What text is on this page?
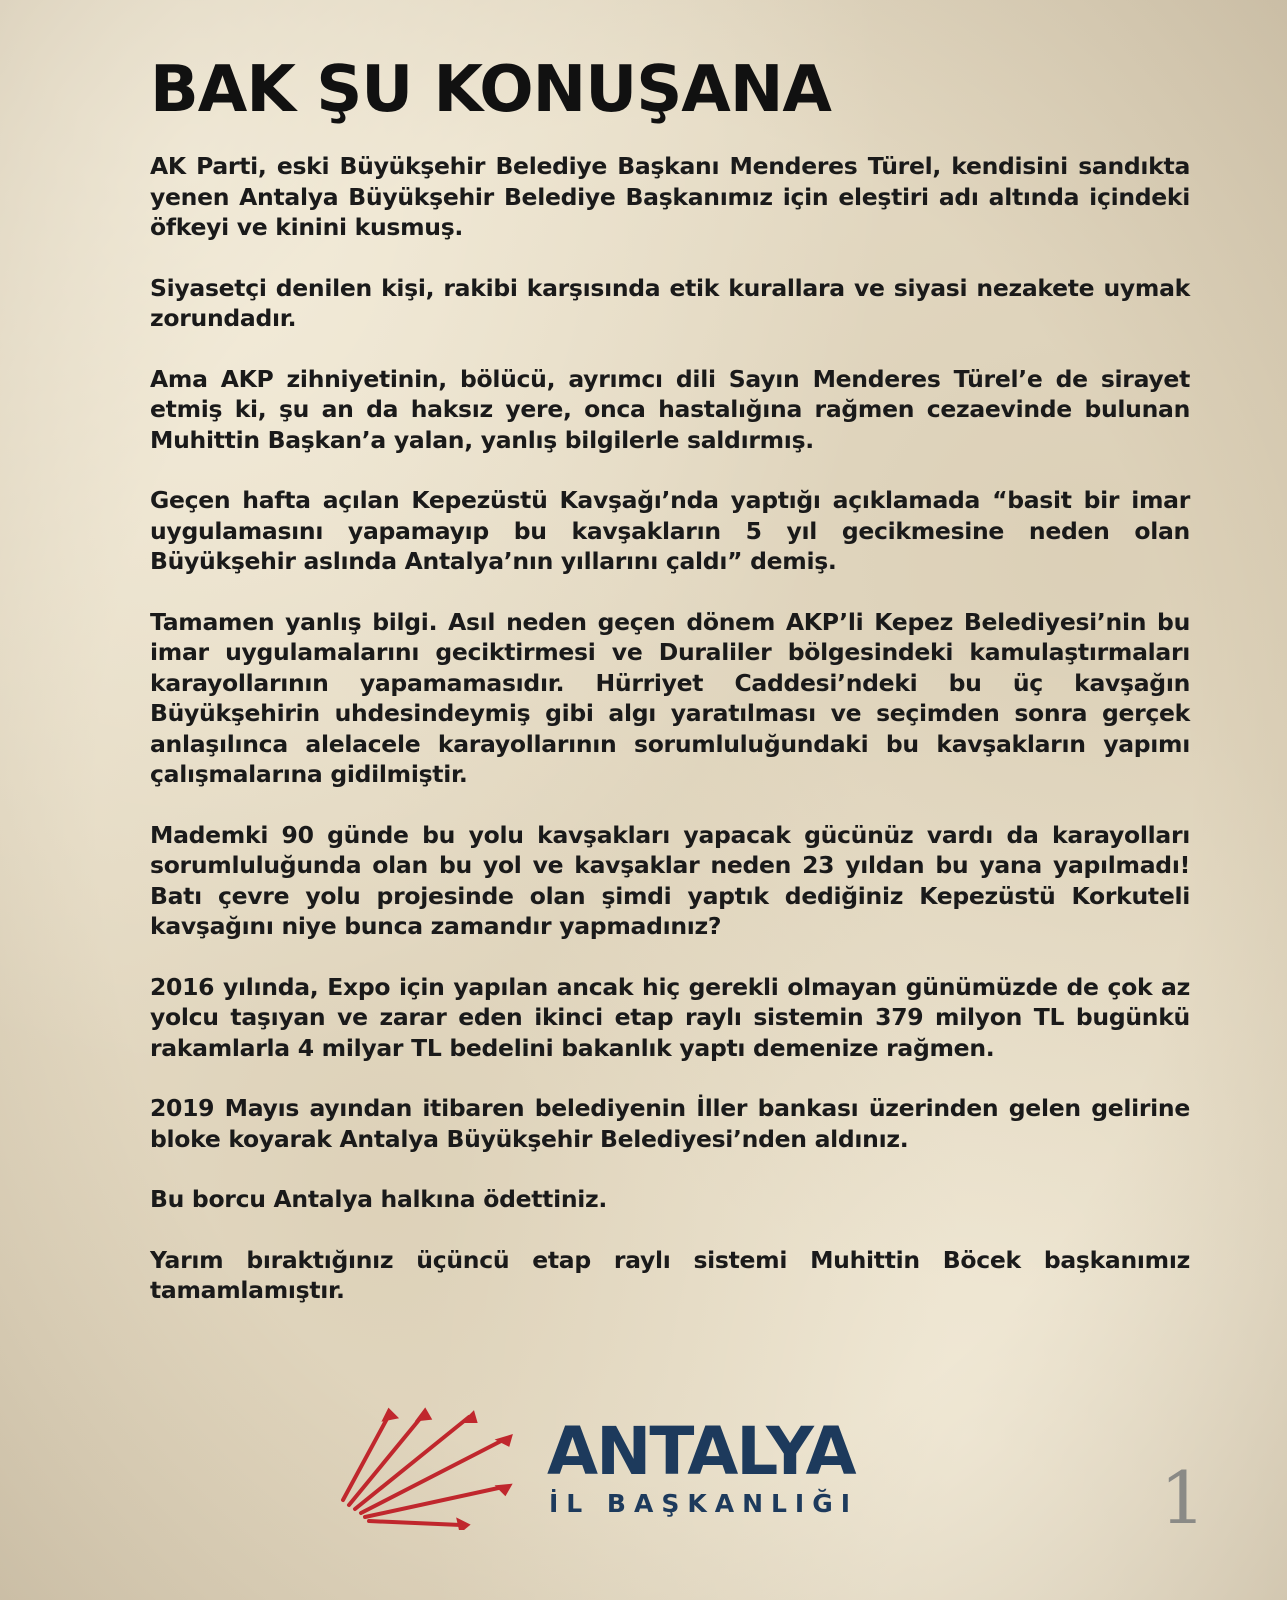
BAK ŞU KONUŞANA

AK Parti, eski Büyükşehir Belediye Başkanı Menderes Türel, kendisini sandıkta yenen Antalya Büyükşehir Belediye Başkanımız için eleştiri adı altında içindeki öfkeyi ve kinini kusmuş.

Siyasetçi denilen kişi, rakibi karşısında etik kurallara ve siyasi nezakete uymak zorundadır.

Ama AKP zihniyetinin, bölücü, ayrımcı dili Sayın Menderes Türel’e de sirayet etmiş ki, şu an da haksız yere, onca hastalığına rağmen cezaevinde bulunan Muhittin Başkan’a yalan, yanlış bilgilerle saldırmış.

Geçen hafta açılan Kepezüstü Kavşağı’nda yaptığı açıklamada “basit bir imar uygulamasını yapamayıp bu kavşakların 5 yıl gecikmesine neden olan Büyükşehir aslında Antalya’nın yıllarını çaldı” demiş.

Tamamen yanlış bilgi. Asıl neden geçen dönem AKP’li Kepez Belediyesi’nin bu imar uygulamalarını geciktirmesi ve Duraliler bölgesindeki kamulaştırmaları karayollarının yapamamasıdır. Hürriyet Caddesi’ndeki bu üç kavşağın Büyükşehirin uhdesindeymiş gibi algı yaratılması ve seçimden sonra gerçek anlaşılınca alelacele karayollarının sorumluluğundaki bu kavşakların yapımı çalışmalarına gidilmiştir.

Mademki 90 günde bu yolu kavşakları yapacak gücünüz vardı da karayolları sorumluluğunda olan bu yol ve kavşaklar neden 23 yıldan bu yana yapılmadı! Batı çevre yolu projesinde olan şimdi yaptık dediğiniz Kepezüstü Korkuteli kavşağını niye bunca zamandır yapmadınız?

2016 yılında, Expo için yapılan ancak hiç gerekli olmayan günümüzde de çok az yolcu taşıyan ve zarar eden ikinci etap raylı sistemin 379 milyon TL bugünkü rakamlarla 4 milyar TL bedelini bakanlık yaptı demenize rağmen.

2019 Mayıs ayından itibaren belediyenin İller bankası üzerinden gelen gelirine bloke koyarak Antalya Büyükşehir Belediyesi’nden aldınız.

Bu borcu Antalya halkına ödettiniz.

Yarım bıraktığınız üçüncü etap raylı sistemi Muhittin Böcek başkanımız tamamlamıştır.

ANTALYA

İL BAŞKANLIĞI	1
